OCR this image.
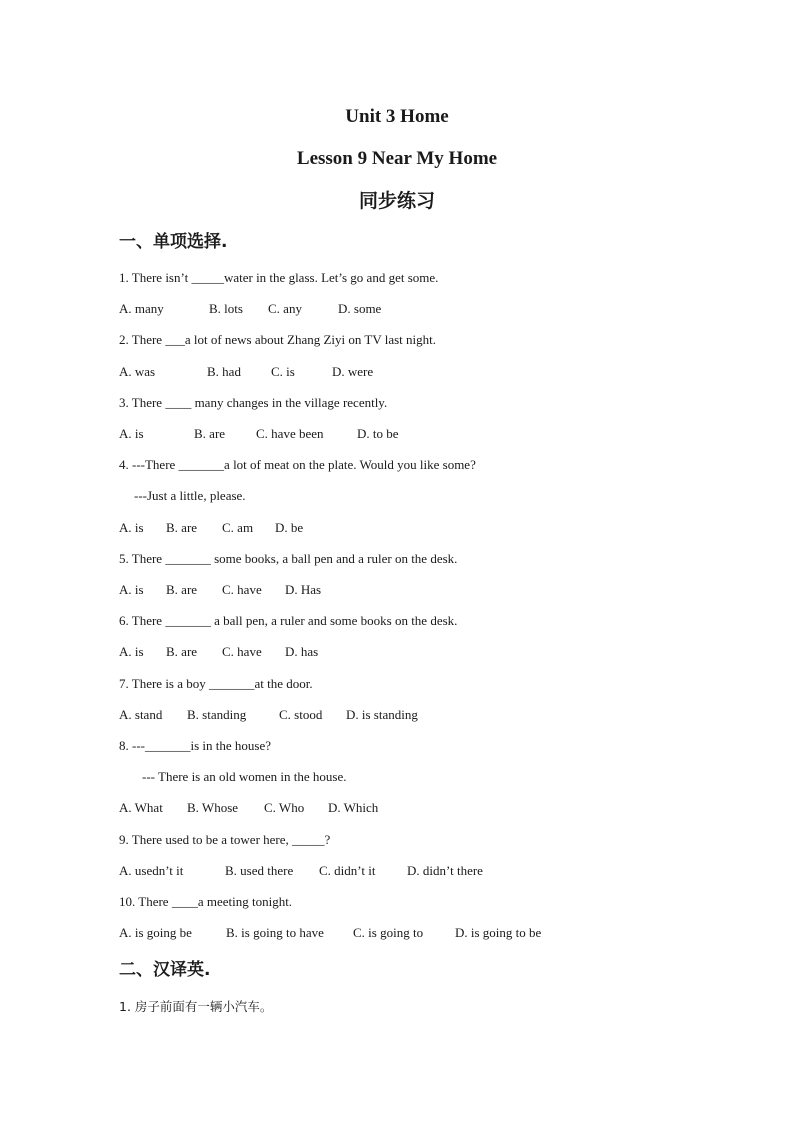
Unit 3 Home
Lesson 9 Near My Home
同步练习
一、单项选择.
1. There isn’t _____water in the glass. Let’s go and get some.

A. many

	B. lots

C. any

	D. some

2. There ___a lot of news about Zhang Ziyi on TV last night.

A. was

	B. had

C. is

	D. were

3. There ____ many changes in the village recently.

A. is

	B. are

C. have been

	D. to be

4. ---There _______a lot of meat on the plate. Would you like some?
---Just a little, please.

A. is

B. are

C. am

D. be

5. There _______ some books, a ball pen and a ruler on the desk.

A. is

B. are

C. have

D. Has

6. There _______ a ball pen, a ruler and some books on the desk.

A. is

B. are

C. have

D. has

7. There is a boy _______at the door.

A. stand

B. standing

	C. stood

D. is standing

8. ---_______is in the house?
--- There is an old women in the house.

A. What

B. Whose

C. Who

D. Which

9. There used to be a tower here, _____?

A. usedn’t it

	B. used there

C. didn’t it

D. didn’t there

10. There ____a meeting tonight.

A. is going be

	B. is going to have

C. is going to

D. is going to be

二、汉译英.
1. 房子前面有一辆小汽车。
